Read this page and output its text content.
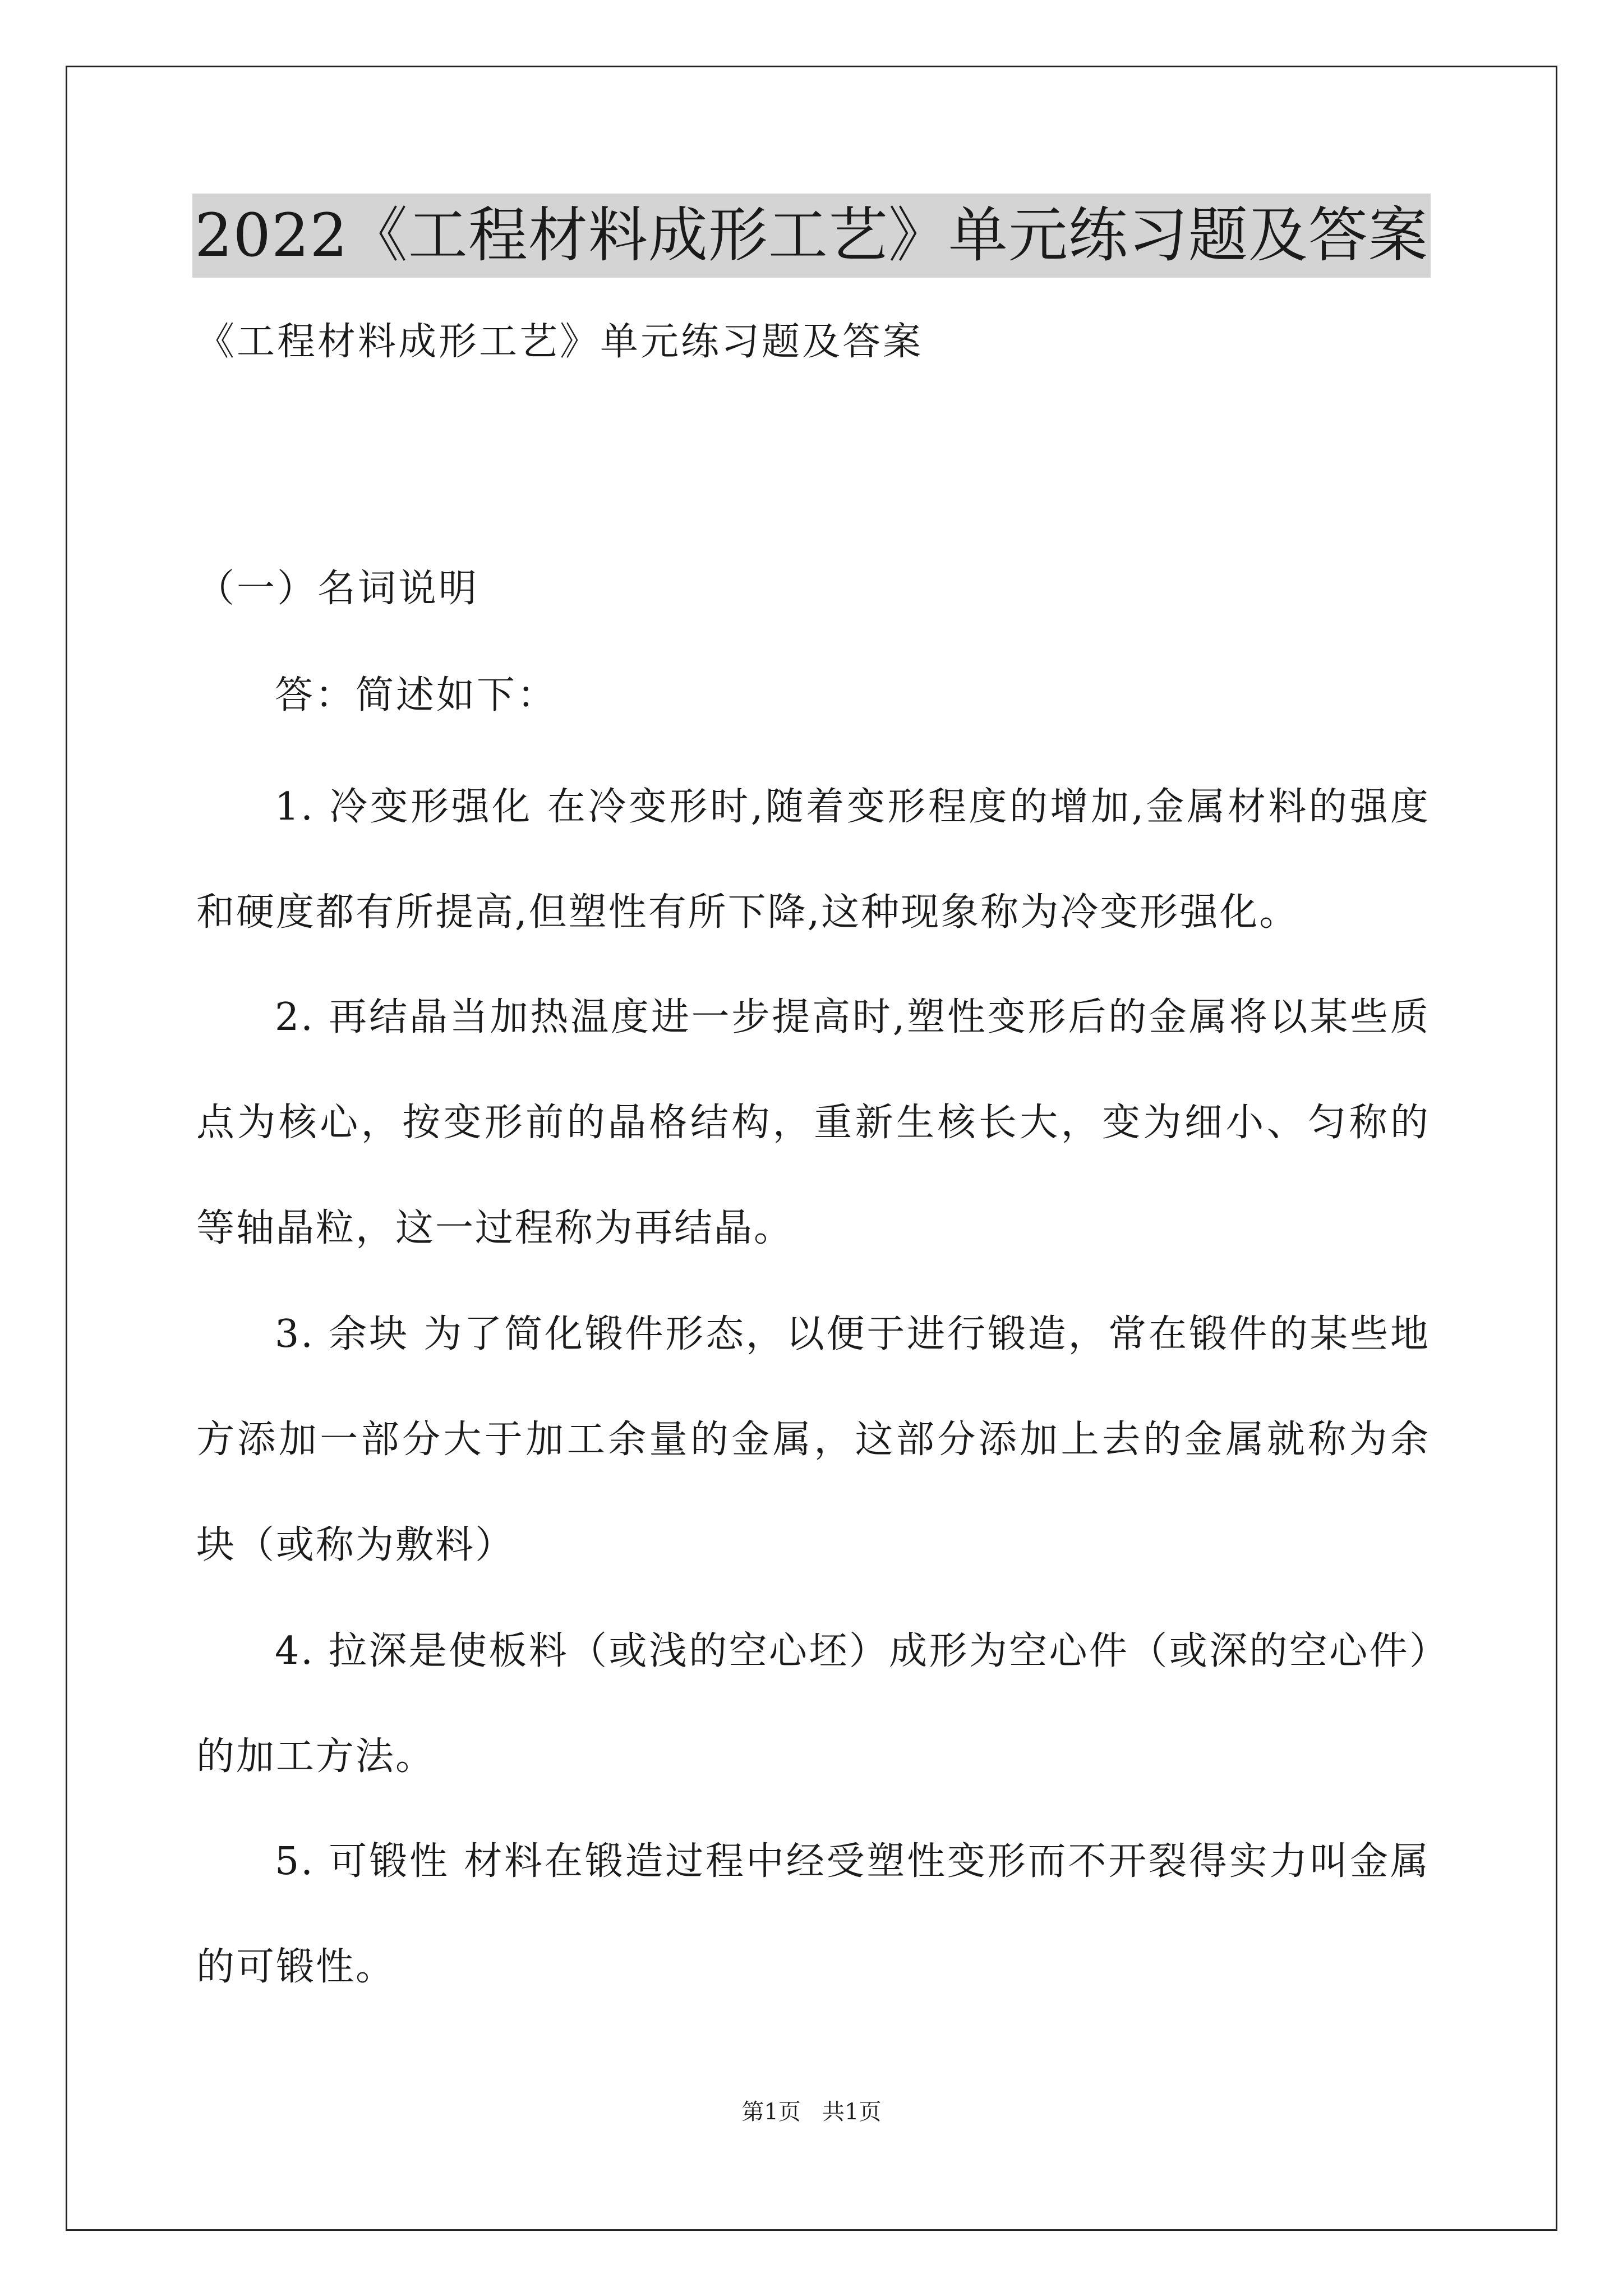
2022《工程材料成形工艺》单元练习题及答案
《工程材料成形工艺》单元练习题及答案
（一）名词说明
答：简述如下：

1. 冷变形强化 在冷变形时,随着变形程度的增加,金属材料的强度和硬度都有所提高,但塑性有所下降,这种现象称为冷变形强化。

2. 再结晶当加热温度进一步提高时,塑性变形后的金属将以某些质点为核心，按变形前的晶格结构，重新生核长大，变为细小、匀称的等轴晶粒，这一过程称为再结晶。

3. 余块 为了简化锻件形态，以便于进行锻造，常在锻件的某些地方添加一部分大于加工余量的金属，这部分添加上去的金属就称为余块（或称为敷料）

4. 拉深是使板料（或浅的空心坯）成形为空心件（或深的空心件）的加工方法。

5. 可锻性 材料在锻造过程中经受塑性变形而不开裂得实力叫金属的可锻性。

第1页   共1页
